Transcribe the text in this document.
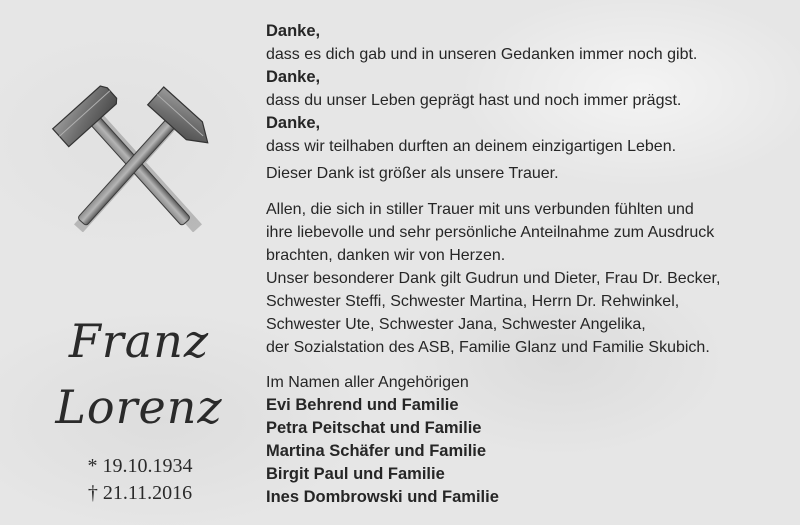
Franz
Lorenz
* 19.10.1934
† 21.11.2016
Danke,
dass es dich gab und in unseren Gedanken immer noch gibt.
Danke,
dass du unser Leben geprägt hast und noch immer prägst.
Danke,
dass wir teilhaben durften an deinem einzigartigen Leben.
Dieser Dank ist größer als unsere Trauer.
Allen, die sich in stiller Trauer mit uns verbunden fühlten und
ihre liebevolle und sehr persönliche Anteilnahme zum Ausdruck
brachten, danken wir von Herzen.
Unser besonderer Dank gilt Gudrun und Dieter, Frau Dr. Becker,
Schwester Steffi, Schwester Martina, Herrn Dr. Rehwinkel,
Schwester Ute, Schwester Jana, Schwester Angelika,
der Sozialstation des ASB, Familie Glanz und Familie Skubich.
Im Namen aller Angehörigen
Evi Behrend und Familie
Petra Peitschat und Familie
Martina Schäfer und Familie
Birgit Paul und Familie
Ines Dombrowski und Familie
